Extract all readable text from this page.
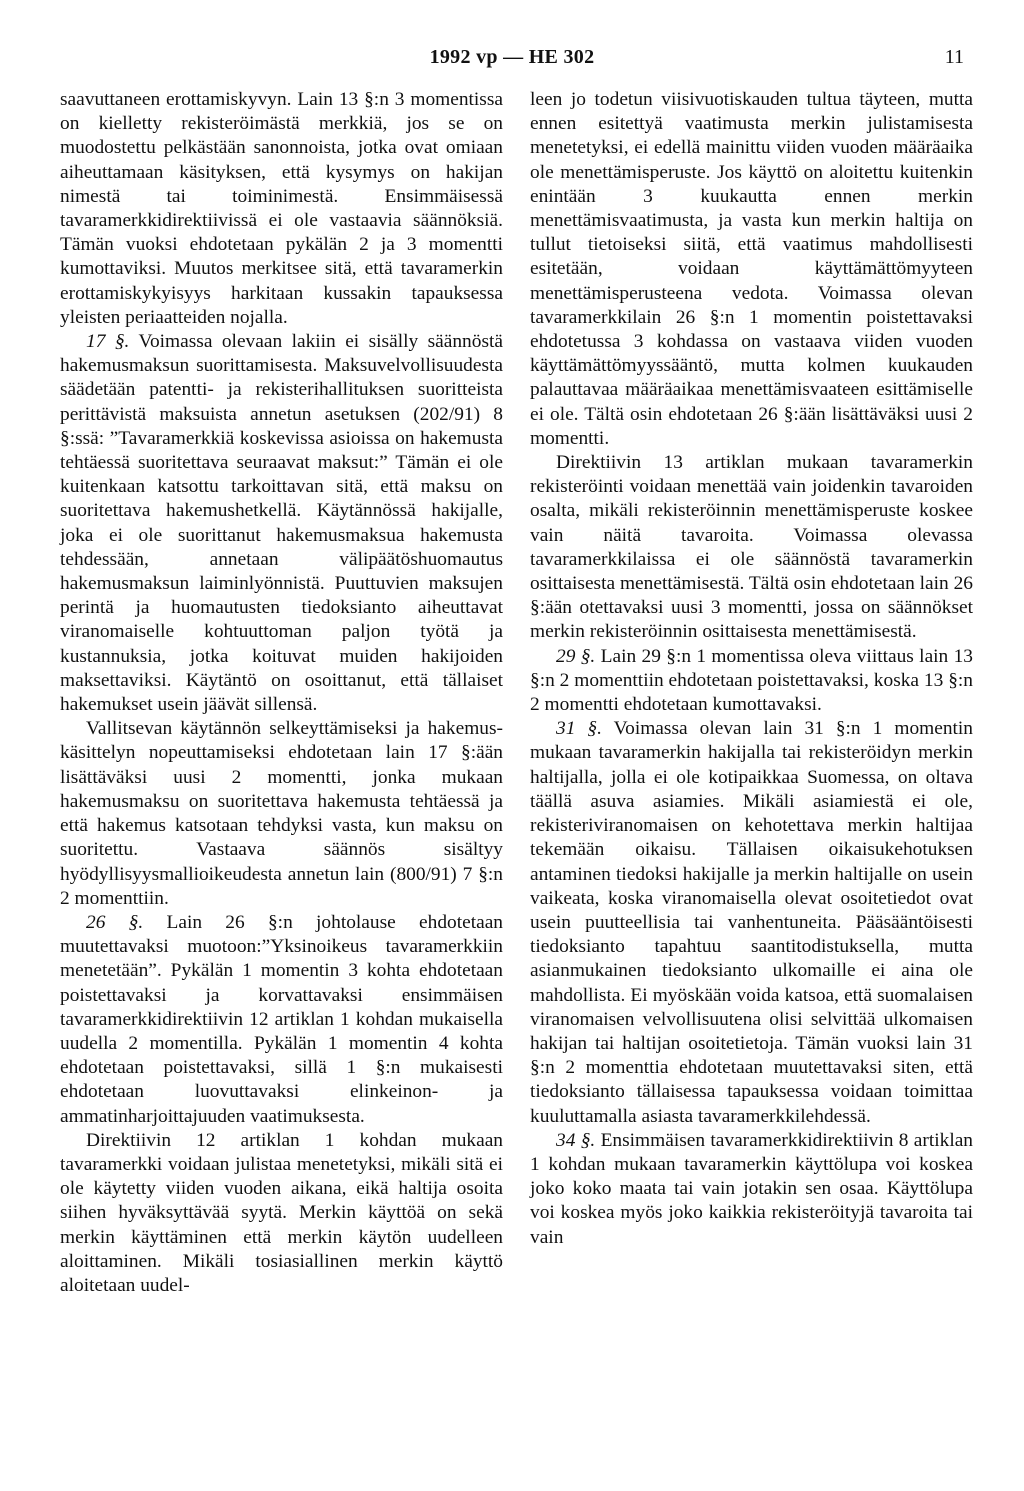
1992 vp — HE 302	11

saavuttaneen erottamiskyvyn. Lain 13 §:n 3 momentissa on kielletty rekisteröimästä merkkiä, jos se on muodostettu pelkästään sanonnoista, jotka ovat omiaan aiheuttamaan käsityksen, että kysymys on hakijan nimestä tai toiminimestä. Ensimmäisessä tavaramerkkidirektiivissä ei ole vastaavia säännöksiä. Tämän vuoksi ehdotetaan pykälän 2 ja 3 momentti kumottaviksi. Muutos merkitsee sitä, että tavaramerkin erottamiskykyisyys harkitaan kussakin tapauksessa yleisten periaatteiden nojalla.

17 §. Voimassa olevaan lakiin ei sisälly säännöstä hakemusmaksun suorittamisesta. Maksuvelvollisuudesta säädetään patentti- ja rekisterihallituksen suoritteista perittävistä maksuista annetun asetuksen (202/91) 8 §:ssä: ”Tavaramerkkiä koskevissa asioissa on hakemusta tehtäessä suoritettava seuraavat maksut:” Tämän ei ole kuitenkaan katsottu tarkoittavan sitä, että maksu on suoritettava hakemushetkellä. Käytännössä hakijalle, joka ei ole suorittanut hakemusmaksua hakemusta tehdessään, annetaan välipäätöshuomautus hakemusmaksun laiminlyönnistä. Puuttuvien maksujen perintä ja huomautusten tiedoksianto aiheuttavat viranomaiselle kohtuuttoman paljon työtä ja kustannuksia, jotka koituvat muiden hakijoiden maksettaviksi. Käytäntö on osoittanut, että tällaiset hakemukset usein jäävät sillensä.

Vallitsevan käytännön selkeyttämiseksi ja hakemus-käsittelyn nopeuttamiseksi ehdotetaan lain 17 §:ään lisättäväksi uusi 2 momentti, jonka mukaan hakemusmaksu on suoritettava hakemusta tehtäessä ja että hakemus katsotaan tehdyksi vasta, kun maksu on suoritettu. Vastaava säännös sisältyy hyödyllisyysmallioikeudesta annetun lain (800/91) 7 §:n 2 momenttiin.

26 §. Lain 26 §:n johtolause ehdotetaan muutettavaksi muotoon:”Yksinoikeus tavaramerkkiin menetetään”. Pykälän 1 momentin 3 kohta ehdotetaan poistettavaksi ja korvattavaksi ensimmäisen tavaramerkkidirektiivin 12 artiklan 1 kohdan mukaisella uudella 2 momentilla. Pykälän 1 momentin 4 kohta ehdotetaan poistettavaksi, sillä 1 §:n mukaisesti ehdotetaan luovuttavaksi elinkeinon- ja ammatinharjoittajuuden vaatimuksesta.

Direktiivin 12 artiklan 1 kohdan mukaan tavaramerkki voidaan julistaa menetetyksi, mikäli sitä ei ole käytetty viiden vuoden aikana, eikä haltija osoita siihen hyväksyttävää syytä. Merkin käyttöä on sekä merkin käyttäminen että merkin käytön uudelleen aloittaminen. Mikäli tosiasiallinen merkin käyttö aloitetaan uudel-

leen jo todetun viisivuotiskauden tultua täyteen, mutta ennen esitettyä vaatimusta merkin julistamisesta menetetyksi, ei edellä mainittu viiden vuoden määräaika ole menettämisperuste. Jos käyttö on aloitettu kuitenkin enintään 3 kuukautta ennen merkin menettämisvaatimusta, ja vasta kun merkin haltija on tullut tietoiseksi siitä, että vaatimus mahdollisesti esitetään, voidaan käyttämättömyyteen menettämisperusteena vedota. Voimassa olevan tavaramerkkilain 26 §:n 1 momentin poistettavaksi ehdotetussa 3 kohdassa on vastaava viiden vuoden käyttämättömyyssääntö, mutta kolmen kuukauden palauttavaa määräaikaa menettämisvaateen esittämiselle ei ole. Tältä osin ehdotetaan 26 §:ään lisättäväksi uusi 2 momentti.

Direktiivin 13 artiklan mukaan tavaramerkin rekisteröinti voidaan menettää vain joidenkin tavaroiden osalta, mikäli rekisteröinnin menettämisperuste koskee vain näitä tavaroita. Voimassa olevassa tavaramerkkilaissa ei ole säännöstä tavaramerkin osittaisesta menettämisestä. Tältä osin ehdotetaan lain 26 §:ään otettavaksi uusi 3 momentti, jossa on säännökset merkin rekisteröinnin osittaisesta menettämisestä.

29 §. Lain 29 §:n 1 momentissa oleva viittaus lain 13 §:n 2 momenttiin ehdotetaan poistettavaksi, koska 13 §:n 2 momentti ehdotetaan kumottavaksi.

31 §. Voimassa olevan lain 31 §:n 1 momentin mukaan tavaramerkin hakijalla tai rekisteröidyn merkin haltijalla, jolla ei ole kotipaikkaa Suomessa, on oltava täällä asuva asiamies. Mikäli asiamiestä ei ole, rekisteriviranomaisen on kehotettava merkin haltijaa tekemään oikaisu. Tällaisen oikaisukehotuksen antaminen tiedoksi hakijalle ja merkin haltijalle on usein vaikeata, koska viranomaisella olevat osoitetiedot ovat usein puutteellisia tai vanhentuneita. Pääsääntöisesti tiedoksianto tapahtuu saantitodistuksella, mutta asianmukainen tiedoksianto ulkomaille ei aina ole mahdollista. Ei myöskään voida katsoa, että suomalaisen viranomaisen velvollisuutena olisi selvittää ulkomaisen hakijan tai haltijan osoitetietoja. Tämän vuoksi lain 31 §:n 2 momenttia ehdotetaan muutettavaksi siten, että tiedoksianto tällaisessa tapauksessa voidaan toimittaa kuuluttamalla asiasta tavaramerkkilehdessä.

34 §. Ensimmäisen tavaramerkkidirektiivin 8 artiklan 1 kohdan mukaan tavaramerkin käyttölupa voi koskea joko koko maata tai vain jotakin sen osaa. Käyttölupa voi koskea myös joko kaikkia rekisteröityjä tavaroita tai vain
